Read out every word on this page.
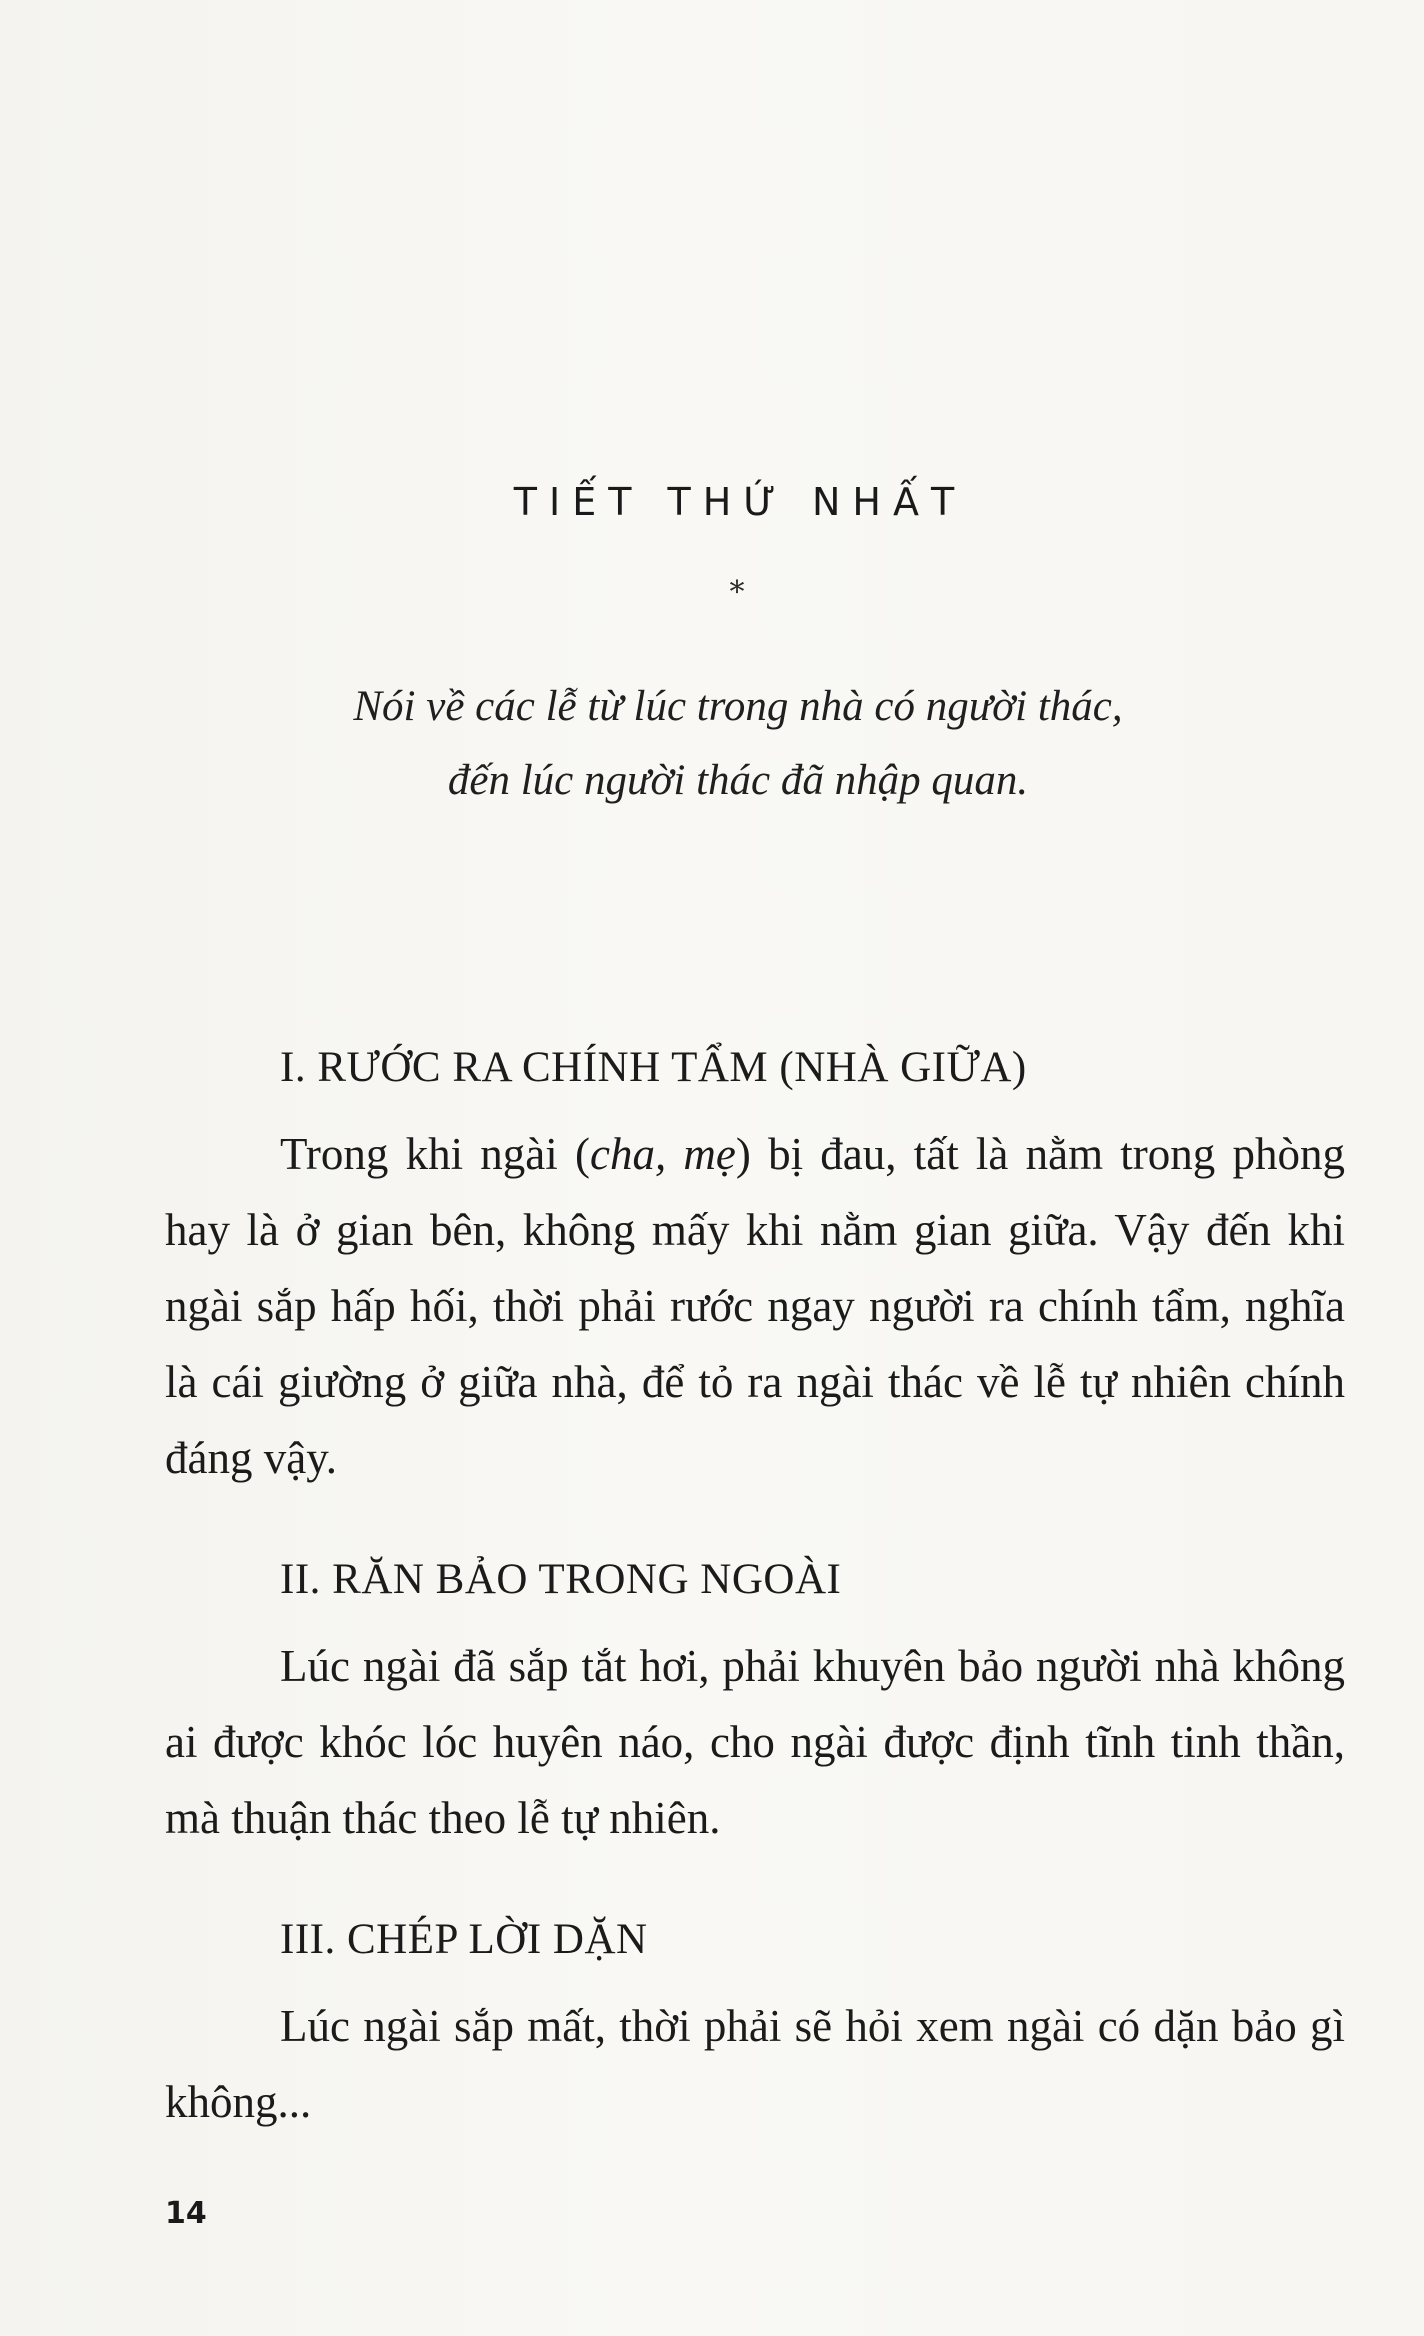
TIẾT THỨ NHẤT
*
Nói về các lễ từ lúc trong nhà có người thác,
đến lúc người thác đã nhập quan.
I. RƯỚC RA CHÍNH TẨM (NHÀ GIỮA)

Trong khi ngài (cha, mẹ) bị đau, tất là nằm trong phòng hay là ở gian bên, không mấy khi nằm gian giữa. Vậy đến khi ngài sắp hấp hối, thời phải rước ngay người ra chính tẩm, nghĩa là cái giường ở giữa nhà, để tỏ ra ngài thác về lễ tự nhiên chính đáng vậy.

II. RĂN BẢO TRONG NGOÀI

Lúc ngài đã sắp tắt hơi, phải khuyên bảo người nhà không ai được khóc lóc huyên náo, cho ngài được định tĩnh tinh thần, mà thuận thác theo lễ tự nhiên.

III. CHÉP LỜI DẶN

Lúc ngài sắp mất, thời phải sẽ hỏi xem ngài có dặn bảo gì không...

14
